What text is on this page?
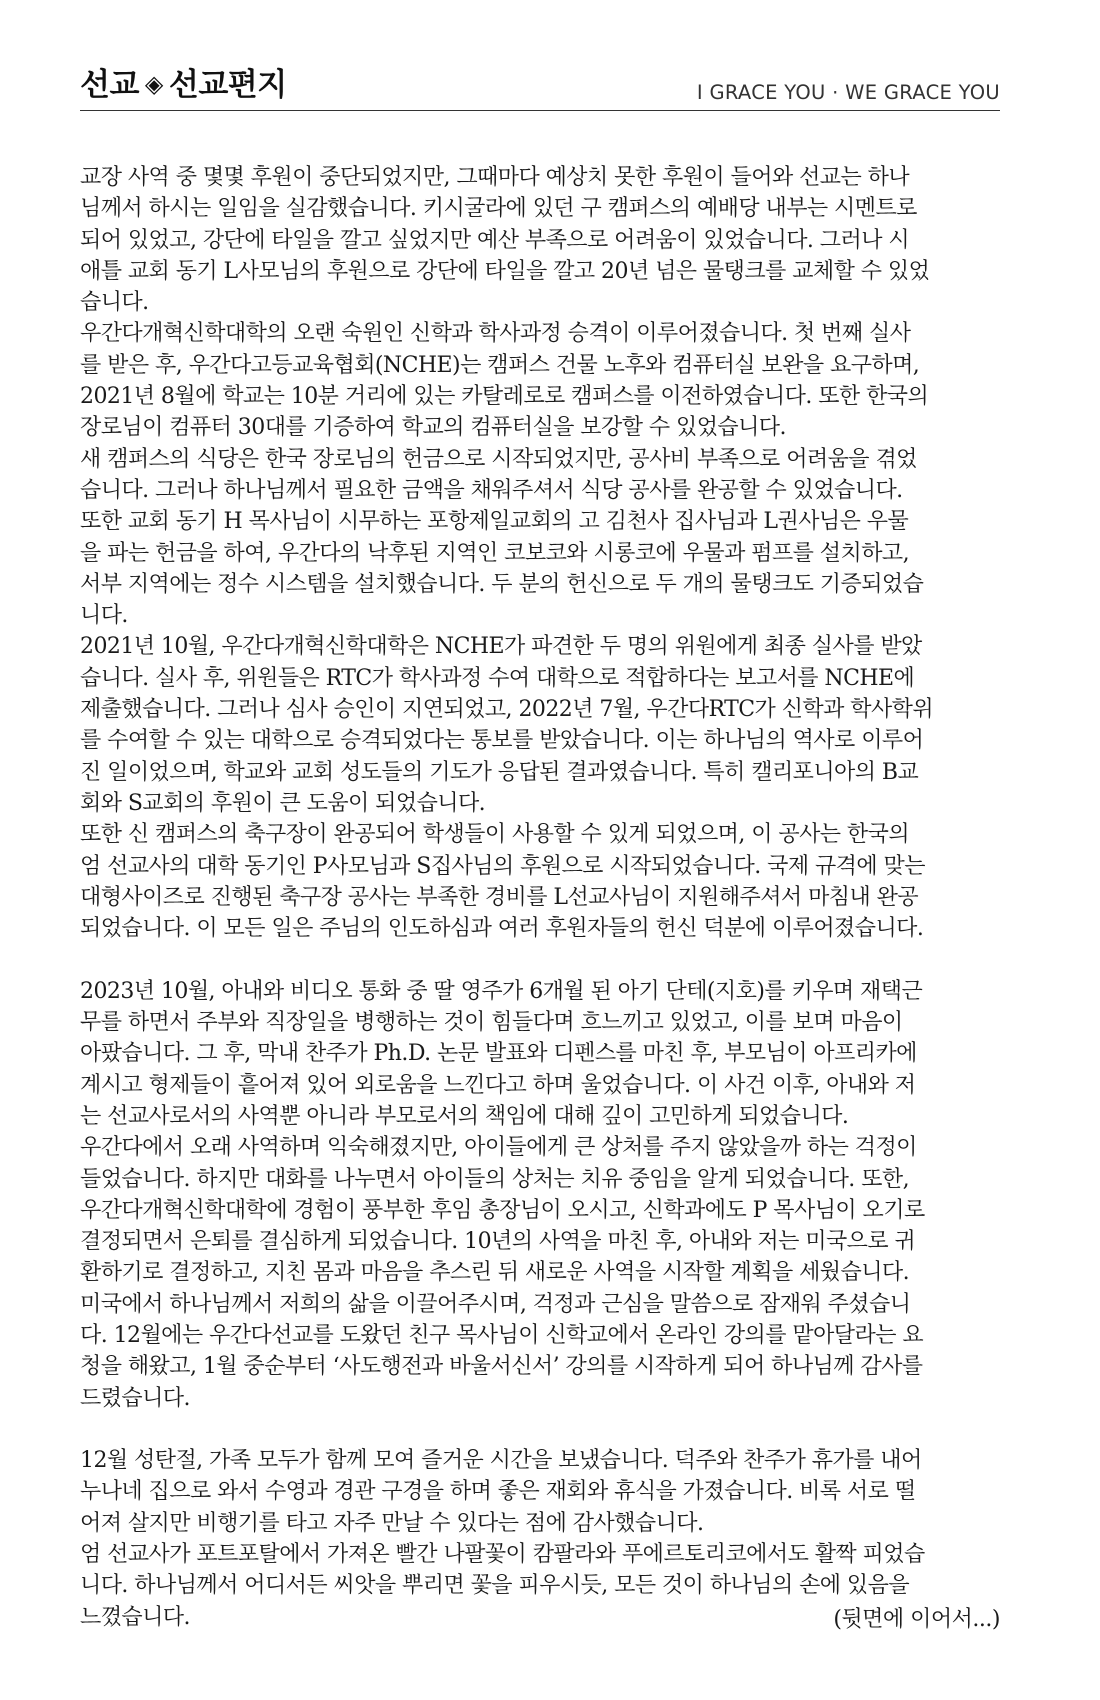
선교 ◈ 선교편지	I GRACE YOU · WE GRACE YOU
교장 사역 중 몇몇 후원이 중단되었지만, 그때마다 예상치 못한 후원이 들어와 선교는 하나
님께서 하시는 일임을 실감했습니다. 키시굴라에 있던 구 캠퍼스의 예배당 내부는 시멘트로
되어 있었고, 강단에 타일을 깔고 싶었지만 예산 부족으로 어려움이 있었습니다. 그러나 시
애틀 교회 동기 L사모님의 후원으로 강단에 타일을 깔고 20년 넘은 물탱크를 교체할 수 있었
습니다.
우간다개혁신학대학의 오랜 숙원인 신학과 학사과정 승격이 이루어졌습니다. 첫 번째 실사
를 받은 후, 우간다고등교육협회(NCHE)는 캠퍼스 건물 노후와 컴퓨터실 보완을 요구하며,
2021년 8월에 학교는 10분 거리에 있는 카탈레로로 캠퍼스를 이전하였습니다. 또한 한국의
장로님이 컴퓨터 30대를 기증하여 학교의 컴퓨터실을 보강할 수 있었습니다.
새 캠퍼스의 식당은 한국 장로님의 헌금으로 시작되었지만, 공사비 부족으로 어려움을 겪었
습니다. 그러나 하나님께서 필요한 금액을 채워주셔서 식당 공사를 완공할 수 있었습니다.
또한 교회 동기 H 목사님이 시무하는 포항제일교회의 고 김천사 집사님과 L권사님은 우물
을 파는 헌금을 하여, 우간다의 낙후된 지역인 코보코와 시롱코에 우물과 펌프를 설치하고,
서부 지역에는 정수 시스템을 설치했습니다. 두 분의 헌신으로 두 개의 물탱크도 기증되었습
니다.
2021년 10월, 우간다개혁신학대학은 NCHE가 파견한 두 명의 위원에게 최종 실사를 받았
습니다. 실사 후, 위원들은 RTC가 학사과정 수여 대학으로 적합하다는 보고서를 NCHE에
제출했습니다. 그러나 심사 승인이 지연되었고, 2022년 7월, 우간다RTC가 신학과 학사학위
를 수여할 수 있는 대학으로 승격되었다는 통보를 받았습니다. 이는 하나님의 역사로 이루어
진 일이었으며, 학교와 교회 성도들의 기도가 응답된 결과였습니다. 특히 캘리포니아의 B교
회와 S교회의 후원이 큰 도움이 되었습니다.
또한 신 캠퍼스의 축구장이 완공되어 학생들이 사용할 수 있게 되었으며, 이 공사는 한국의
엄 선교사의 대학 동기인 P사모님과 S집사님의 후원으로 시작되었습니다. 국제 규격에 맞는
대형사이즈로 진행된 축구장 공사는 부족한 경비를 L선교사님이 지원해주셔서 마침내 완공
되었습니다. 이 모든 일은 주님의 인도하심과 여러 후원자들의 헌신 덕분에 이루어졌습니다.
2023년 10월, 아내와 비디오 통화 중 딸 영주가 6개월 된 아기 단테(지호)를 키우며 재택근
무를 하면서 주부와 직장일을 병행하는 것이 힘들다며 흐느끼고 있었고, 이를 보며 마음이
아팠습니다. 그 후, 막내 찬주가 Ph.D. 논문 발표와 디펜스를 마친 후, 부모님이 아프리카에
계시고 형제들이 흩어져 있어 외로움을 느낀다고 하며 울었습니다. 이 사건 이후, 아내와 저
는 선교사로서의 사역뿐 아니라 부모로서의 책임에 대해 깊이 고민하게 되었습니다.
우간다에서 오래 사역하며 익숙해졌지만, 아이들에게 큰 상처를 주지 않았을까 하는 걱정이
들었습니다. 하지만 대화를 나누면서 아이들의 상처는 치유 중임을 알게 되었습니다. 또한,
우간다개혁신학대학에 경험이 풍부한 후임 총장님이 오시고, 신학과에도 P 목사님이 오기로
결정되면서 은퇴를 결심하게 되었습니다. 10년의 사역을 마친 후, 아내와 저는 미국으로 귀
환하기로 결정하고, 지친 몸과 마음을 추스린 뒤 새로운 사역을 시작할 계획을 세웠습니다.
미국에서 하나님께서 저희의 삶을 이끌어주시며, 걱정과 근심을 말씀으로 잠재워 주셨습니
다. 12월에는 우간다선교를 도왔던 친구 목사님이 신학교에서 온라인 강의를 맡아달라는 요
청을 해왔고, 1월 중순부터 ‘사도행전과 바울서신서’ 강의를 시작하게 되어 하나님께 감사를
드렸습니다.
12월 성탄절, 가족 모두가 함께 모여 즐거운 시간을 보냈습니다. 덕주와 찬주가 휴가를 내어
누나네 집으로 와서 수영과 경관 구경을 하며 좋은 재회와 휴식을 가졌습니다. 비록 서로 떨
어져 살지만 비행기를 타고 자주 만날 수 있다는 점에 감사했습니다.
엄 선교사가 포트포탈에서 가져온 빨간 나팔꽃이 캄팔라와 푸에르토리코에서도 활짝 피었습
니다. 하나님께서 어디서든 씨앗을 뿌리면 꽃을 피우시듯, 모든 것이 하나님의 손에 있음을
느꼈습니다.	(뒷면에 이어서...)
